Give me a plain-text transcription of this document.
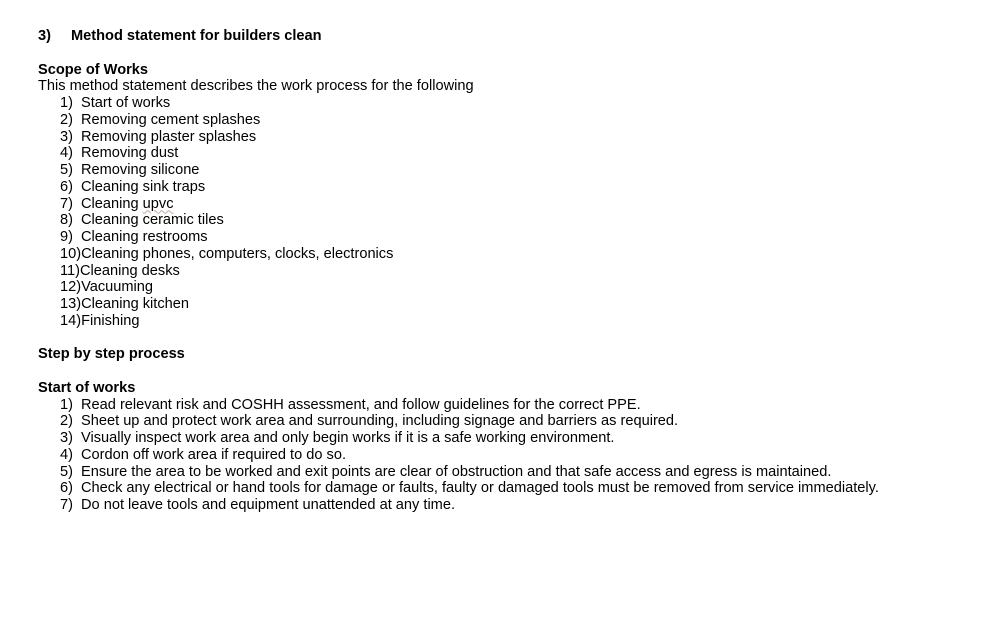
3) Method statement for builders clean
Scope of Works
This method statement describes the work process for the following
1) Start of works
2) Removing cement splashes
3) Removing plaster splashes
4) Removing dust
5) Removing silicone
6) Cleaning sink traps
7) Cleaning upvc
8) Cleaning ceramic tiles
9) Cleaning restrooms
10)Cleaning phones, computers, clocks, electronics
11)Cleaning desks
12)Vacuuming
13)Cleaning kitchen
14)Finishing
Step by step process
Start of works
1) Read relevant risk and COSHH assessment, and follow guidelines for the correct PPE.
2) Sheet up and protect work area and surrounding, including signage and barriers as required.
3) Visually inspect work area and only begin works if it is a safe working environment.
4) Cordon off work area if required to do so.
5) Ensure the area to be worked and exit points are clear of obstruction and that safe access and egress is maintained.
6) Check any electrical or hand tools for damage or faults, faulty or damaged tools must be removed from service immediately.
7) Do not leave tools and equipment unattended at any time.
